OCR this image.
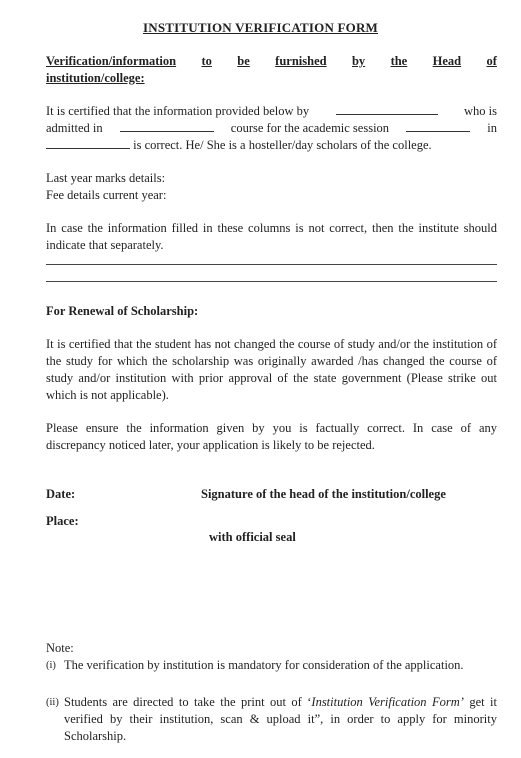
INSTITUTION VERIFICATION FORM
Verification/information to be furnished by the Head of
institution/college:
It is certified that the information provided below by	who is
admitted in	course for the academic session	in
is correct. He/ She is a hosteller/day scholars of the college.
Last year marks details:
Fee details current year:
In case the information filled in these columns is not correct, then the institute should indicate that separately.
For Renewal of Scholarship:
It is certified that the student has not changed the course of study and/or the institution of the study for which the scholarship was originally awarded /has changed the course of study and/or institution with prior approval of the state government (Please strike out which is not applicable).
Please ensure the information given by you is factually correct. In case of any discrepancy noticed later, your application is likely to be rejected.
Date:	Signature of the head of the institution/college
Place:
with official seal
Note:
(i) The verification by institution is mandatory for consideration of the application.
(ii) Students are directed to take the print out of ‘Institution Verification Form’ get it verified by their institution, scan & upload it”, in order to apply for minority Scholarship.
